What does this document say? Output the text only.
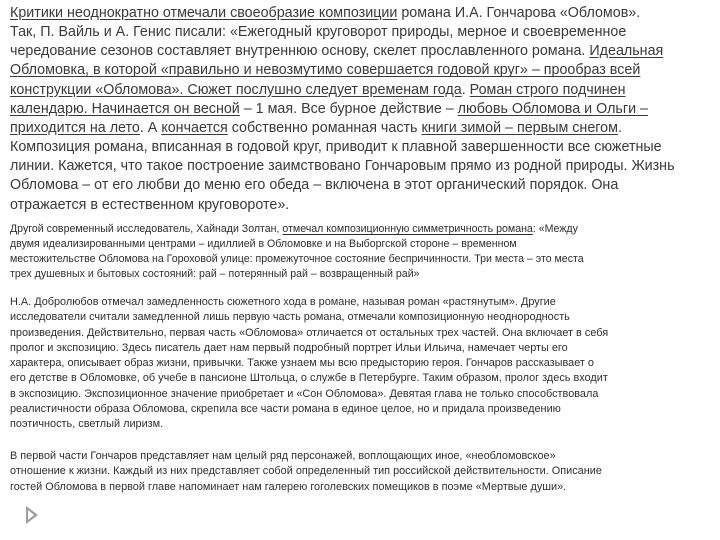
Критики неоднократно отмечали своеобразие композиции романа И.А. Гончарова «Обломов».
Так, П. Вайль и А. Генис писали: «Ежегодный круговорот природы, мерное и своевременное
чередование сезонов составляет внутреннюю основу, скелет прославленного романа. Идеальная
Обломовка, в которой «правильно и невозмутимо совершается годовой круг» – прообраз всей
конструкции «Обломова». Сюжет послушно следует временам года. Роман строго подчинен
календарю. Начинается он весной – 1 мая. Все бурное действие – любовь Обломова и Ольги –
приходится на лето. А кончается собственно романная часть книги зимой – первым снегом.
Композиция романа, вписанная в годовой круг, приводит к плавной завершенности все сюжетные
линии. Кажется, что такое построение заимствовано Гончаровым прямо из родной природы. Жизнь
Обломова – от его любви до меню его обеда – включена в этот органический порядок. Она
отражается в естественном круговороте».
Другой современный исследователь, Хайнади Золтан, отмечал композиционную симметричность романа: «Между
двумя идеализированными центрами – идиллией в Обломовке и на Выборгской стороне – временном
местожительстве Обломова на Гороховой улице: промежуточное состояние беспричинности. Три места – это места
трех душевных и бытовых состояний: рай – потерянный рай – возвращенный рай»
Н.А. Добролюбов отмечал замедленность сюжетного хода в романе, называя роман «растянутым». Другие
исследователи считали замедленной лишь первую часть романа, отмечали композиционную неоднородность
произведения. Действительно, первая часть «Обломова» отличается от остальных трех частей. Она включает в себя
пролог и экспозицию. Здесь писатель дает нам первый подробный портрет Ильи Ильича, намечает черты его
характера, описывает образ жизни, привычки. Также узнаем мы всю предысторию героя. Гончаров рассказывает о
его детстве в Обломовке, об учебе в пансионе Штольца, о службе в Петербурге. Таким образом, пролог здесь входит
в экспозицию. Экспозиционное значение приобретает и «Сон Обломова». Девятая глава не только способствовала
реалистичности образа Обломова, скрепила все части романа в единое целое, но и придала произведению
поэтичность, светлый лиризм.
В первой части Гончаров представляет нам целый ряд персонажей, воплощающих иное, «необломовское»
отношение к жизни. Каждый из них представляет собой определенный тип российской действительности. Описание
гостей Обломова в первой главе напоминает нам галерею гоголевских помещиков в поэме «Мертвые души».
